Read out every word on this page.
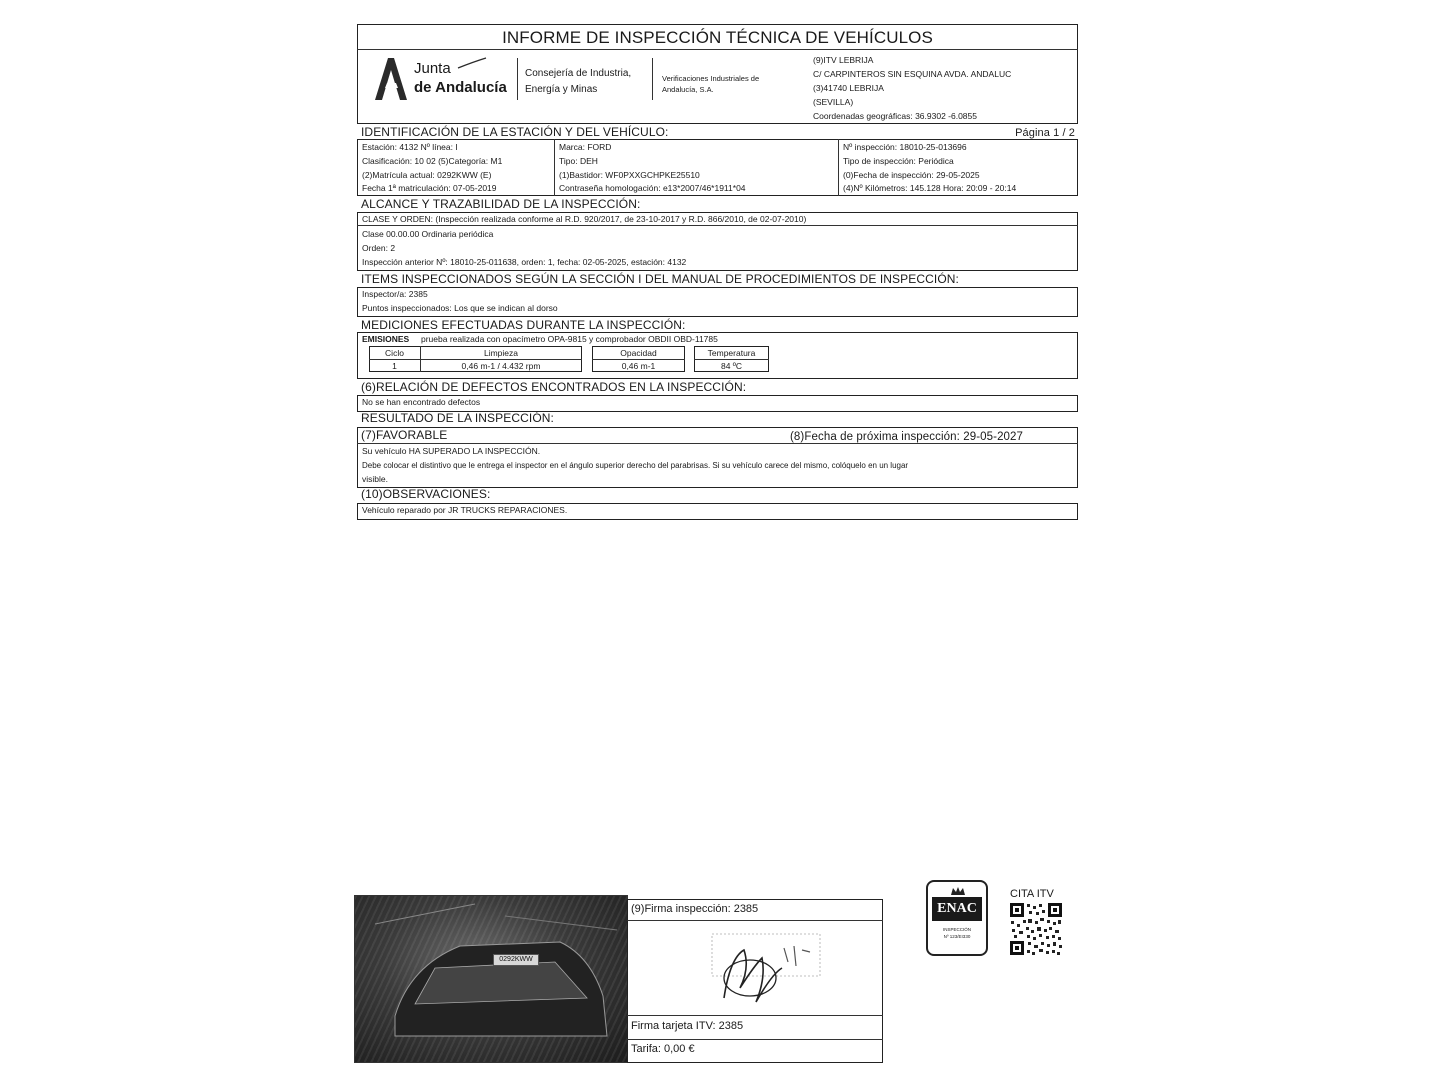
INFORME DE INSPECCIÓN TÉCNICA DE VEHÍCULOS
Junta
de Andalucía
Consejería de Industria,
Energía y Minas
Verificaciones Industriales de
Andalucía, S.A.
(9)ITV LEBRIJA
C/ CARPINTEROS SIN ESQUINA AVDA. ANDALUC
(3)41740 LEBRIJA
(SEVILLA)
Coordenadas geográficas: 36.9302 -6.0855
IDENTIFICACIÓN DE LA ESTACIÓN Y DEL VEHÍCULO:	Página 1 / 2
Estación: 4132 Nº línea: I
Clasificación: 10 02 (5)Categoría: M1
(2)Matrícula actual: 0292KWW (E)
Fecha 1ª matriculación: 07-05-2019
Marca: FORD
Tipo: DEH
(1)Bastidor: WF0PXXGCHPKE25510
Contraseña homologación: e13*2007/46*1911*04
Nº inspección: 18010-25-013696
Tipo de inspección: Periódica
(0)Fecha de inspección: 29-05-2025
(4)Nº Kilómetros: 145.128 Hora: 20:09 - 20:14
ALCANCE Y TRAZABILIDAD DE LA INSPECCIÓN:
CLASE Y ORDEN: (Inspección realizada conforme al R.D. 920/2017, de 23-10-2017 y R.D. 866/2010, de 02-07-2010)
Clase 00.00.00 Ordinaria periódica
Orden: 2
Inspección anterior Nº: 18010-25-011638, orden: 1, fecha: 02-05-2025, estación: 4132
ITEMS INSPECCIONADOS SEGÚN LA SECCIÓN I DEL MANUAL DE PROCEDIMIENTOS DE INSPECCIÓN:
Inspector/a: 2385
Puntos inspeccionados: Los que se indican al dorso
MEDICIONES EFECTUADAS DURANTE LA INSPECCIÓN:
EMISIONES prueba realizada con opacímetro OPA-9815 y comprobador OBDII OBD-11785
Ciclo	Limpieza
1	0,46 m-1 / 4.432 rpm
Opacidad
0,46 m-1
Temperatura
84 ºC
(6)RELACIÓN DE DEFECTOS ENCONTRADOS EN LA INSPECCIÓN:
No se han encontrado defectos
RESULTADO DE LA INSPECCIÓN:
(7)FAVORABLE	(8)Fecha de próxima inspección: 29-05-2027
Su vehículo HA SUPERADO LA INSPECCIÓN.
Debe colocar el distintivo que le entrega el inspector en el ángulo superior derecho del parabrisas. Si su vehículo carece del mismo, colóquelo en un lugar
visible.
(10)OBSERVACIONES:
Vehículo reparado por JR TRUCKS REPARACIONES.
0292KWW
(9)Firma inspección: 2385
Firma tarjeta ITV: 2385
Tarifa: 0,00 €
ENAC
INSPECCIÓN
Nº 123/EI330
CITA ITV
